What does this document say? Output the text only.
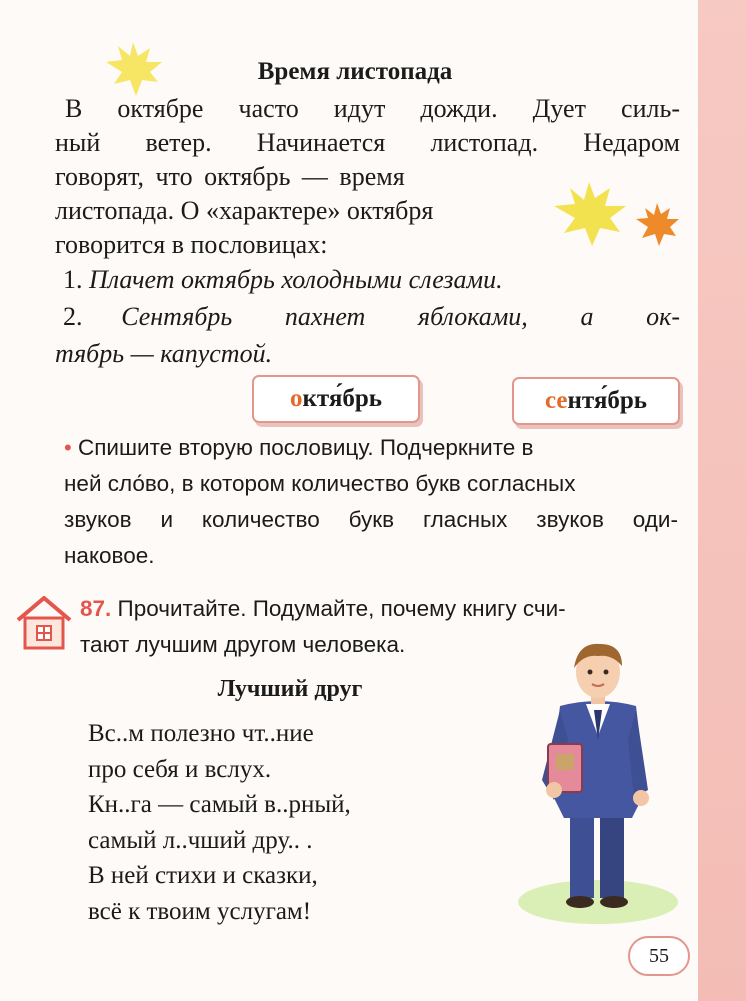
Время листопада
В октябре часто идут дожди. Дует силь-
ный ветер. Начинается листопад. Недаром
говорят, что октябрь — время
листопада. О «характере» октября
говорится в пословицах:
1. Плачет октябрь холодными слезами.
2. Сентябрь пахнет яблоками, а ок-
тябрь — капустой.
октя́брь	сентя́брь
• Спишите вторую пословицу. Подчеркните в
ней сло́во, в котором количество букв согласных
звуков и количество букв гласных звуков оди-
наковое.
87. Прочитайте. Подумайте, почему книгу счи-
тают лучшим другом человека.
Лучший друг
Вс..м полезно чт..ние
про себя и вслух.
Кн..га — самый в..рный,
самый л..чший дру.. .
В ней стихи и сказки,
всё к твоим услугам!
55
